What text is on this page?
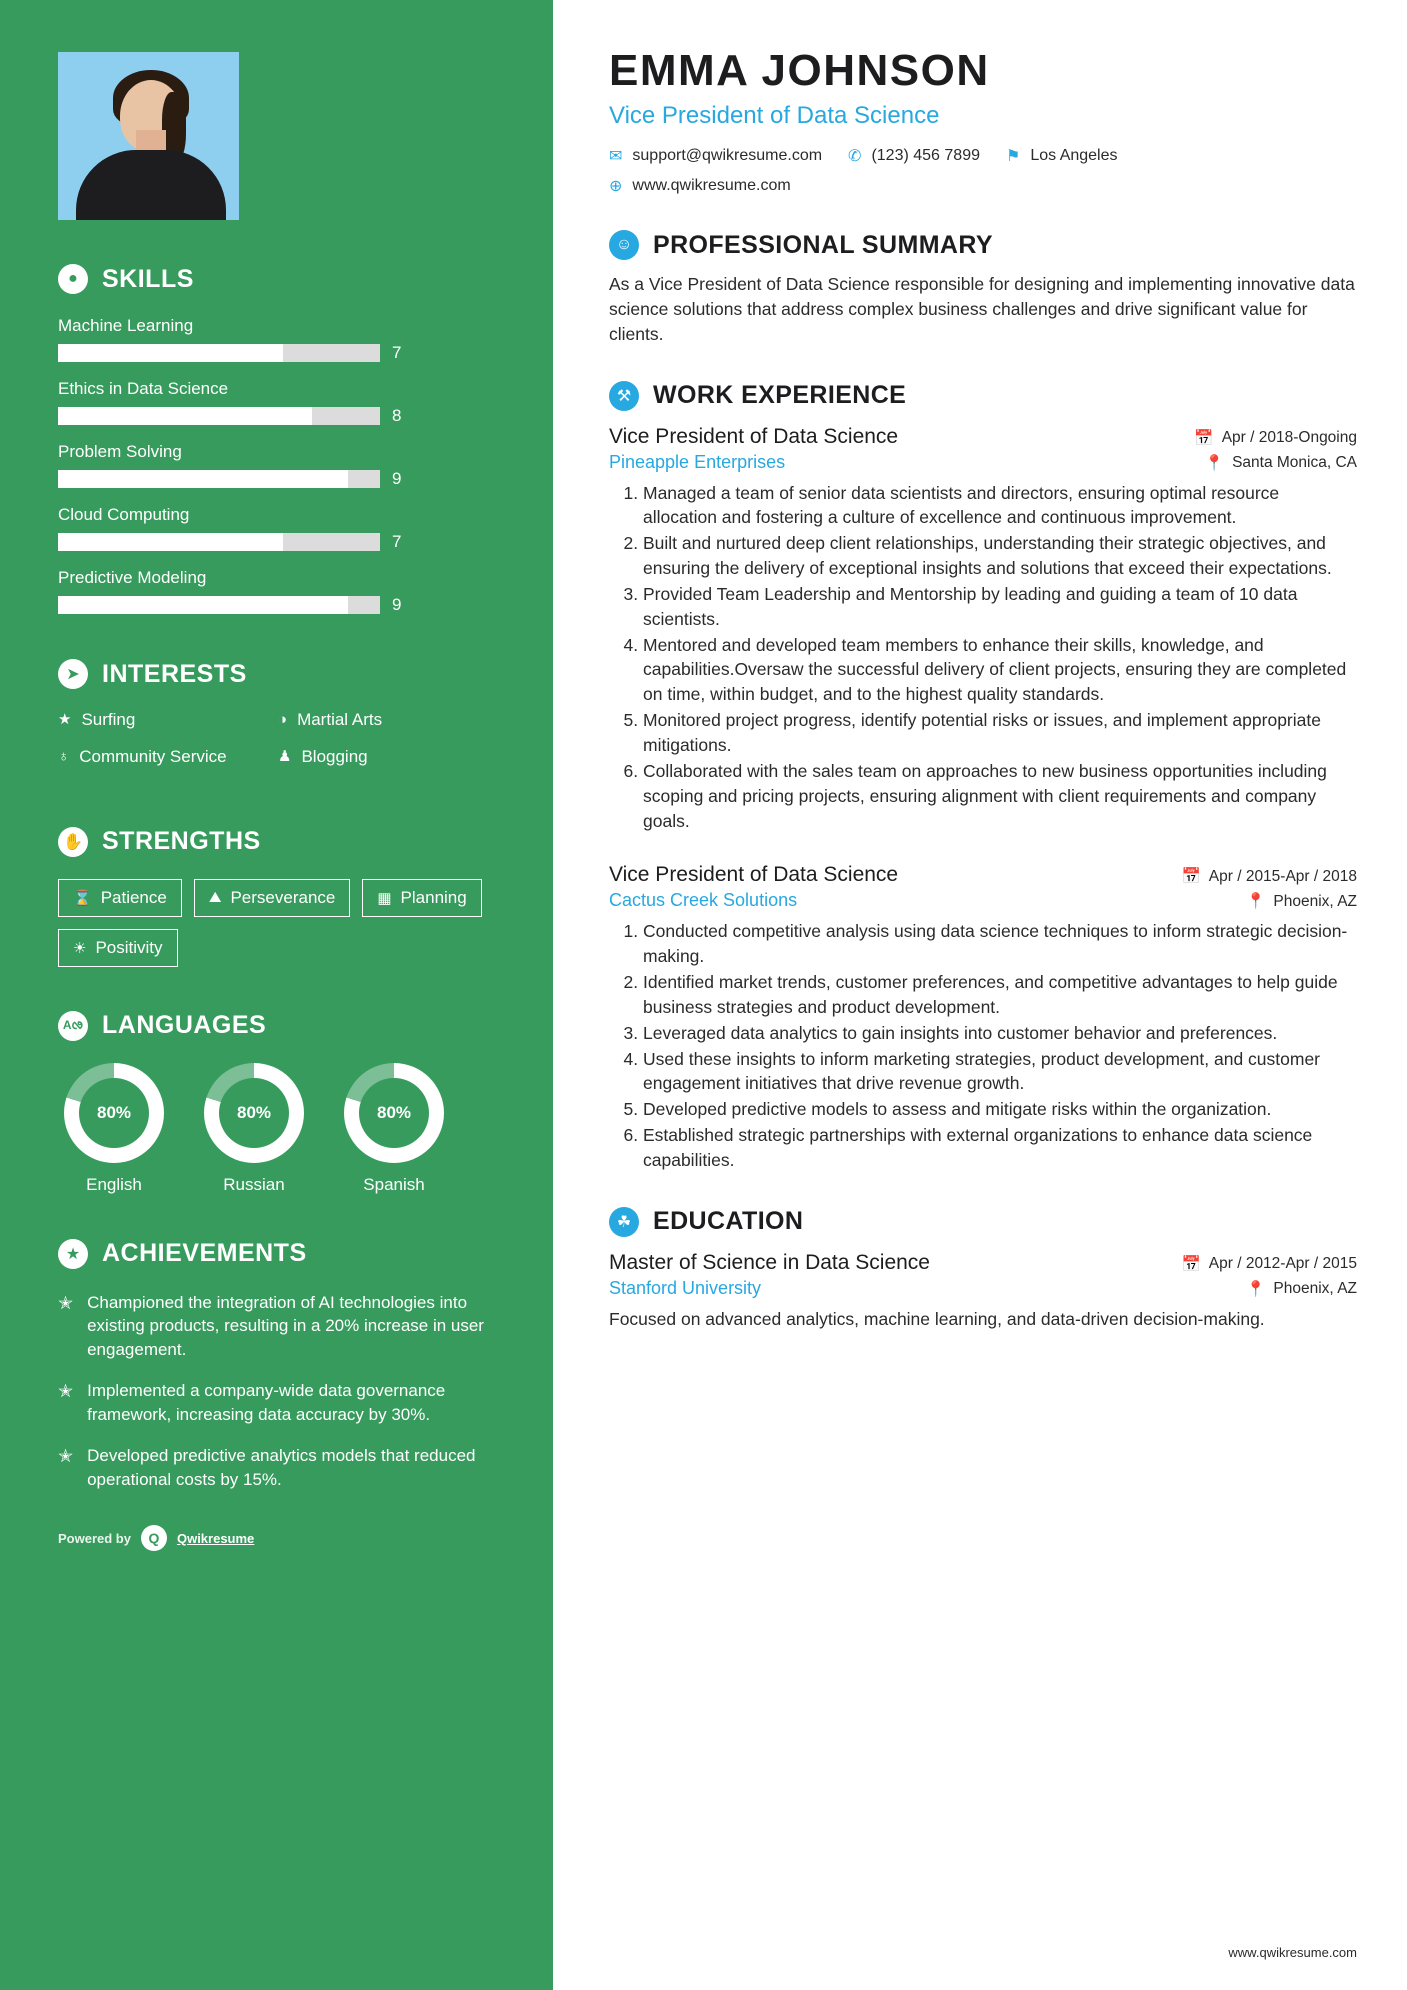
● SKILLS
Machine Learning
7
Ethics in Data Science
8
Problem Solving
9
Cloud Computing
7
Predictive Modeling
9
➤ INTERESTS
★ Surfing	◑ Martial Arts
♁ Community Service	♟ Blogging
✋ STRENGTHS
⌛ Patience	⛰ Perseverance	▦ Planning
☀ Positivity
Aᰒ LANGUAGES
80%
English
80%
Russian
80%
Spanish
★ ACHIEVEMENTS
✭ Championed the integration of AI technologies into existing products, resulting in a 20% increase in user engagement.
✭ Implemented a company-wide data governance framework, increasing data accuracy by 30%.
✭ Developed predictive analytics models that reduced operational costs by 15%.
Powered by	Q	Qwikresume
EMMA JOHNSON
Vice President of Data Science
✉ support@qwikresume.com ✆ (123) 456 7899 ⚑ Los Angeles
⊕ www.qwikresume.com
☺ PROFESSIONAL SUMMARY

As a Vice President of Data Science responsible for designing and implementing innovative data science solutions that address complex business challenges and drive significant value for clients.

⚒ WORK EXPERIENCE
Vice President of Data Science	📅 Apr / 2018-Ongoing
Pineapple Enterprises	📍 Santa Monica, CA
1. Managed a team of senior data scientists and directors, ensuring optimal resource allocation and fostering a culture of excellence and continuous improvement.
2. Built and nurtured deep client relationships, understanding their strategic objectives, and ensuring the delivery of exceptional insights and solutions that exceed their expectations.
3. Provided Team Leadership and Mentorship by leading and guiding a team of 10 data scientists.
4. Mentored and developed team members to enhance their skills, knowledge, and capabilities.Oversaw the successful delivery of client projects, ensuring they are completed on time, within budget, and to the highest quality standards.
5. Monitored project progress, identify potential risks or issues, and implement appropriate mitigations.
6. Collaborated with the sales team on approaches to new business opportunities including scoping and pricing projects, ensuring alignment with client requirements and company goals.
Vice President of Data Science	📅 Apr / 2015-Apr / 2018
Cactus Creek Solutions	📍 Phoenix, AZ
1. Conducted competitive analysis using data science techniques to inform strategic decision-making.
2. Identified market trends, customer preferences, and competitive advantages to help guide business strategies and product development.
3. Leveraged data analytics to gain insights into customer behavior and preferences.
4. Used these insights to inform marketing strategies, product development, and customer engagement initiatives that drive revenue growth.
5. Developed predictive models to assess and mitigate risks within the organization.
6. Established strategic partnerships with external organizations to enhance data science capabilities.
☘ EDUCATION
Master of Science in Data Science	📅 Apr / 2012-Apr / 2015
Stanford University	📍 Phoenix, AZ

Focused on advanced analytics, machine learning, and data-driven decision-making.

www.qwikresume.com
